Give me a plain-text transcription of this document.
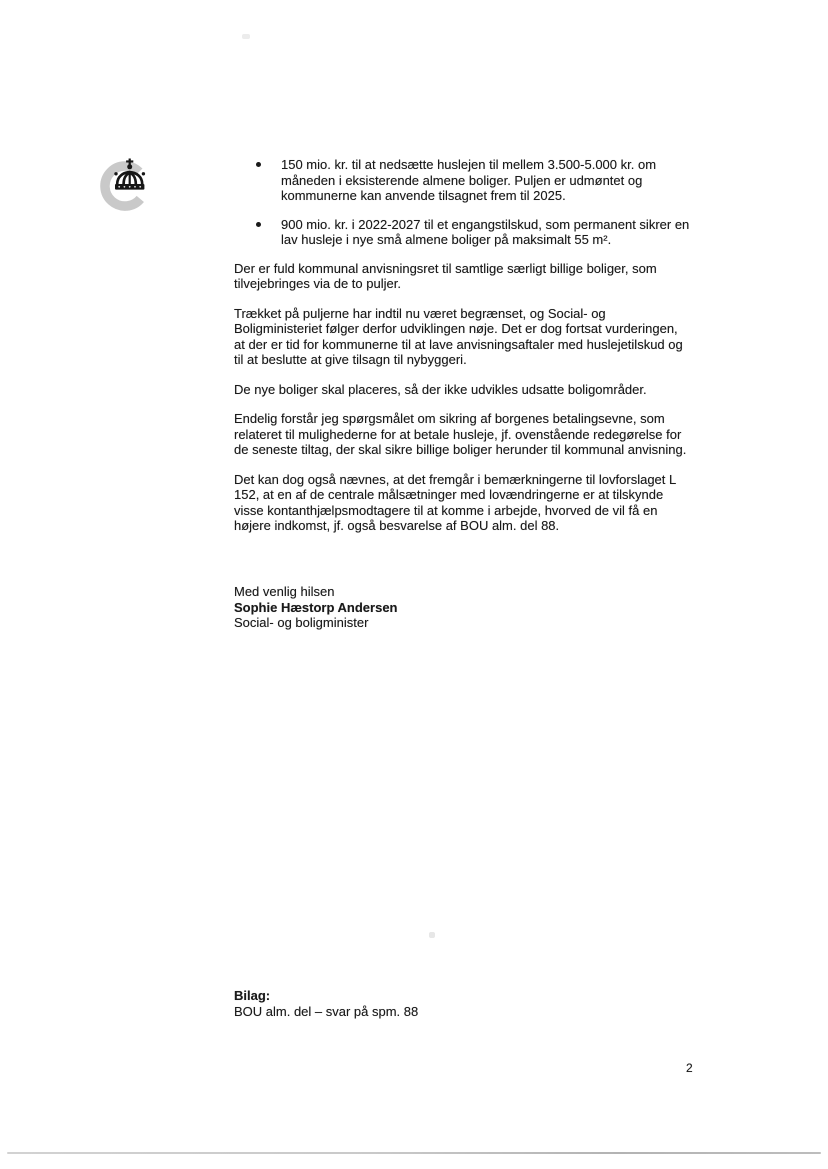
150 mio. kr. til at nedsætte huslejen til mellem 3.500-5.000 kr. om
måneden i eksisterende almene boliger. Puljen er udmøntet og
kommunerne kan anvende tilsagnet frem til 2025.
900 mio. kr. i 2022-2027 til et engangstilskud, som permanent sikrer en
lav husleje i nye små almene boliger på maksimalt 55 m².
Der er fuld kommunal anvisningsret til samtlige særligt billige boliger, som
tilvejebringes via de to puljer.
Trækket på puljerne har indtil nu været begrænset, og Social- og
Boligministeriet følger derfor udviklingen nøje. Det er dog fortsat vurderingen,
at der er tid for kommunerne til at lave anvisningsaftaler med huslejetilskud og
til at beslutte at give tilsagn til nybyggeri.
De nye boliger skal placeres, så der ikke udvikles udsatte boligområder.
Endelig forstår jeg spørgsmålet om sikring af borgenes betalingsevne, som
relateret til mulighederne for at betale husleje, jf. ovenstående redegørelse for
de seneste tiltag, der skal sikre billige boliger herunder til kommunal anvisning.
Det kan dog også nævnes, at det fremgår i bemærkningerne til lovforslaget L
152, at en af de centrale målsætninger med lovændringerne er at tilskynde
visse kontanthjælpsmodtagere til at komme i arbejde, hvorved de vil få en
højere indkomst, jf. også besvarelse af BOU alm. del 88.
Med venlig hilsen
Sophie Hæstorp Andersen
Social- og boligminister
Bilag:
BOU alm. del – svar på spm. 88
2
